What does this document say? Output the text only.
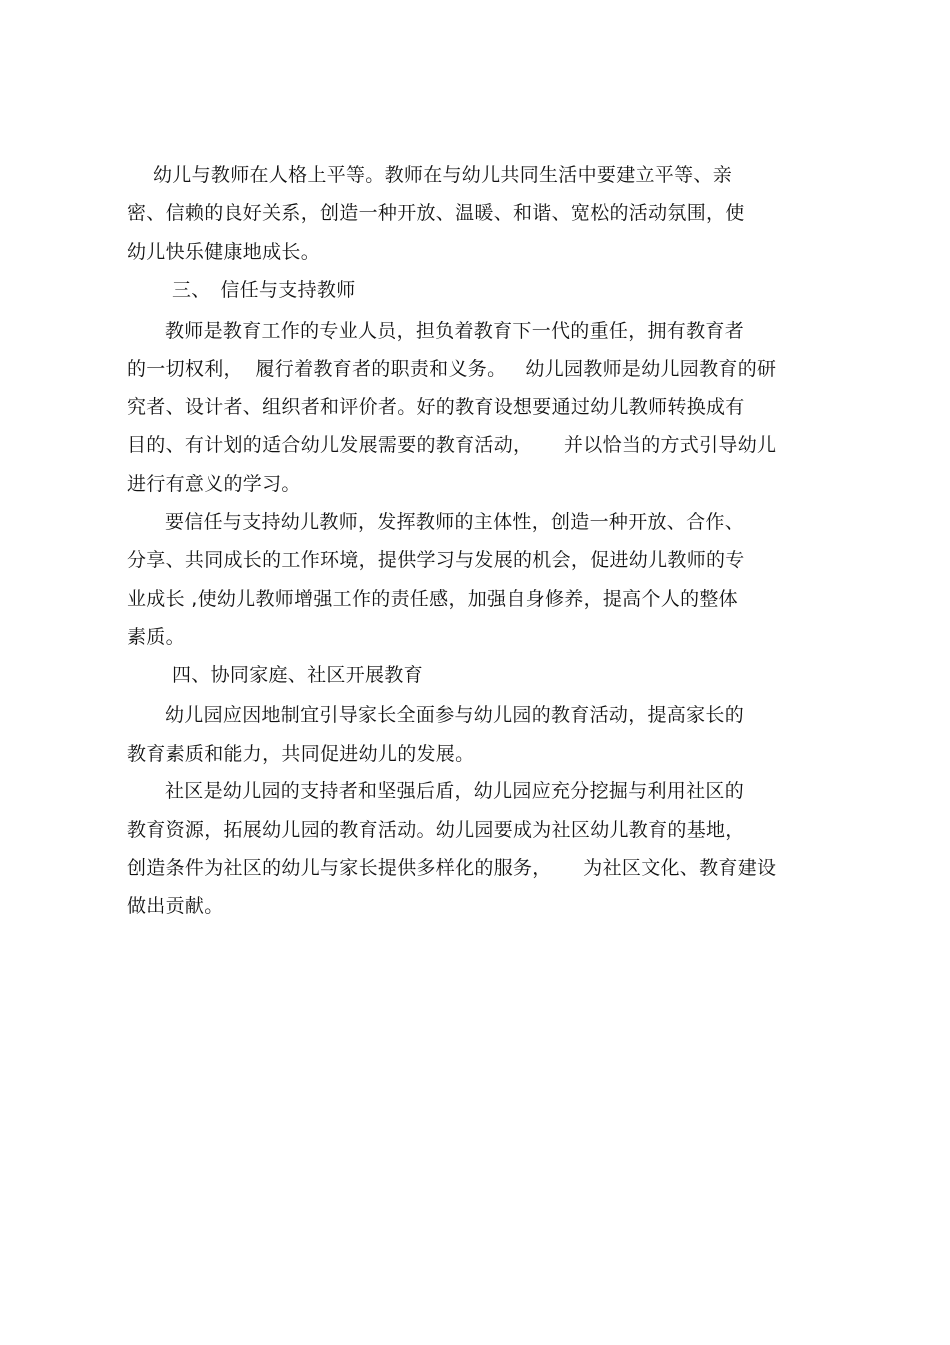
幼儿与教师在人格上平等。教师在与幼儿共同生活中要建立平等、亲
密、信赖的良好关系，创造一种开放、温暖、和谐、宽松的活动氛围，使
幼儿快乐健康地成长。
三、　信任与支持教师
教师是教育工作的专业人员，担负着教育下一代的重任，拥有教育者
的一切权利，  履行着教育者的职责和义务。   幼儿园教师是幼儿园教育的研
究者、设计者、组织者和评价者。好的教育设想要通过幼儿教师转换成有
目的、有计划的适合幼儿发展需要的教育活动，     并以恰当的方式引导幼儿
进行有意义的学习。
要信任与支持幼儿教师，发挥教师的主体性，创造一种开放、合作、
分享、共同成长的工作环境，提供学习与发展的机会，促进幼儿教师的专
业成长 ,使幼儿教师增强工作的责任感，加强自身修养，提高个人的整体
素质。
四、协同家庭、社区开展教育
幼儿园应因地制宜引导家长全面参与幼儿园的教育活动，提高家长的
教育素质和能力，共同促进幼儿的发展。
社区是幼儿园的支持者和坚强后盾，幼儿园应充分挖掘与利用社区的
教育资源，拓展幼儿园的教育活动。幼儿园要成为社区幼儿教育的基地，
创造条件为社区的幼儿与家长提供多样化的服务，     为社区文化、教育建设
做出贡献。
